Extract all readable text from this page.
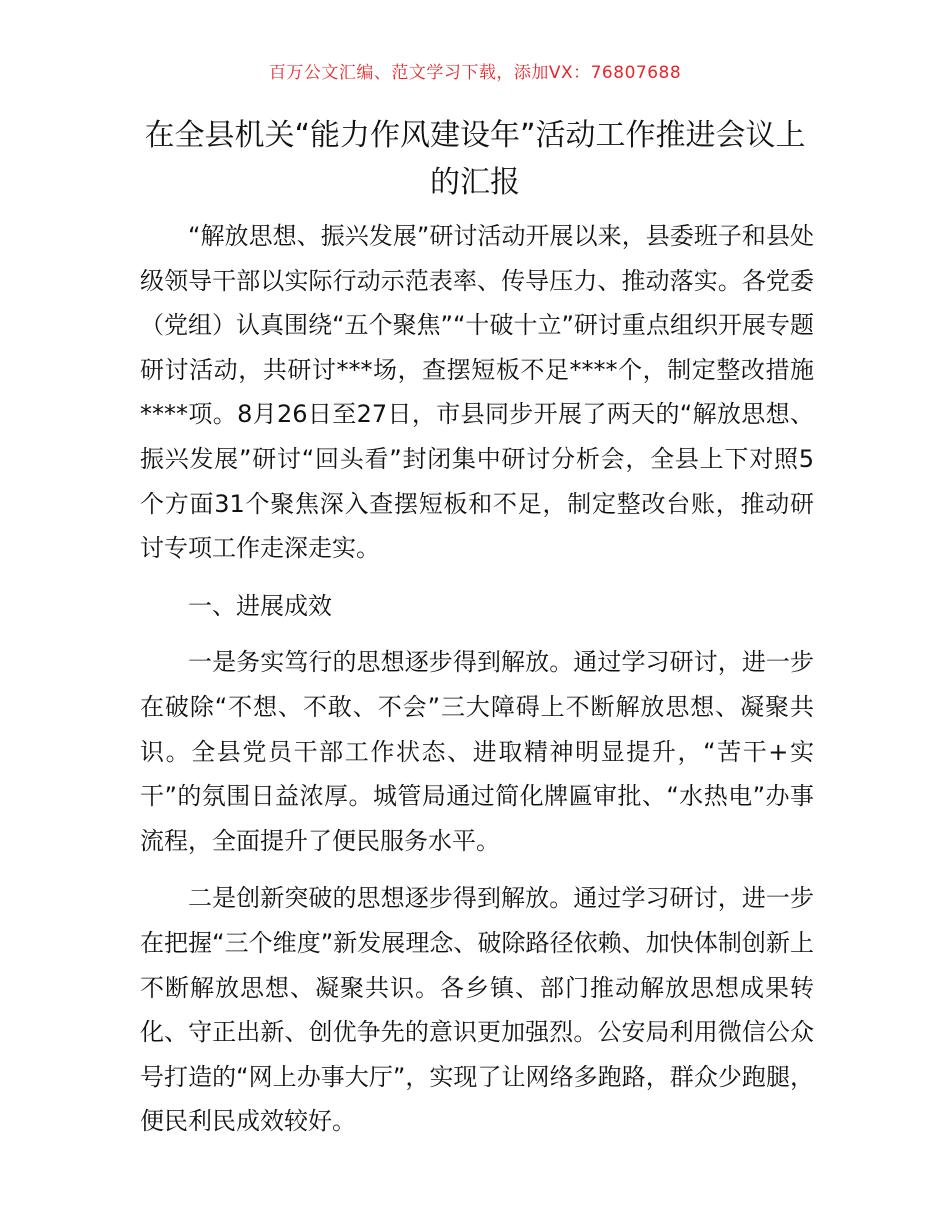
百万公文汇编、范文学习下载，添加VX：76807688
在全县机关“能力作风建设年”活动工作推进会议上的汇报

“解放思想、振兴发展”研讨活动开展以来，县委班子和县处级领导干部以实际行动示范表率、传导压力、推动落实。各党委（党组）认真围绕“五个聚焦”“十破十立”研讨重点组织开展专题研讨活动，共研讨***场，查摆短板不足****个，制定整改措施****项。8月26日至27日，市县同步开展了两天的“解放思想、振兴发展”研讨“回头看”封闭集中研讨分析会，全县上下对照5个方面31个聚焦深入查摆短板和不足，制定整改台账，推动研讨专项工作走深走实。

一、进展成效

一是务实笃行的思想逐步得到解放。通过学习研讨，进一步在破除“不想、不敢、不会”三大障碍上不断解放思想、凝聚共识。全县党员干部工作状态、进取精神明显提升，“苦干+实干”的氛围日益浓厚。城管局通过简化牌匾审批、“水热电”办事流程，全面提升了便民服务水平。

二是创新突破的思想逐步得到解放。通过学习研讨，进一步在把握“三个维度”新发展理念、破除路径依赖、加快体制创新上不断解放思想、凝聚共识。各乡镇、部门推动解放思想成果转化、守正出新、创优争先的意识更加强烈。公安局利用微信公众号打造的“网上办事大厅”，实现了让网络多跑路，群众少跑腿，便民利民成效较好。
